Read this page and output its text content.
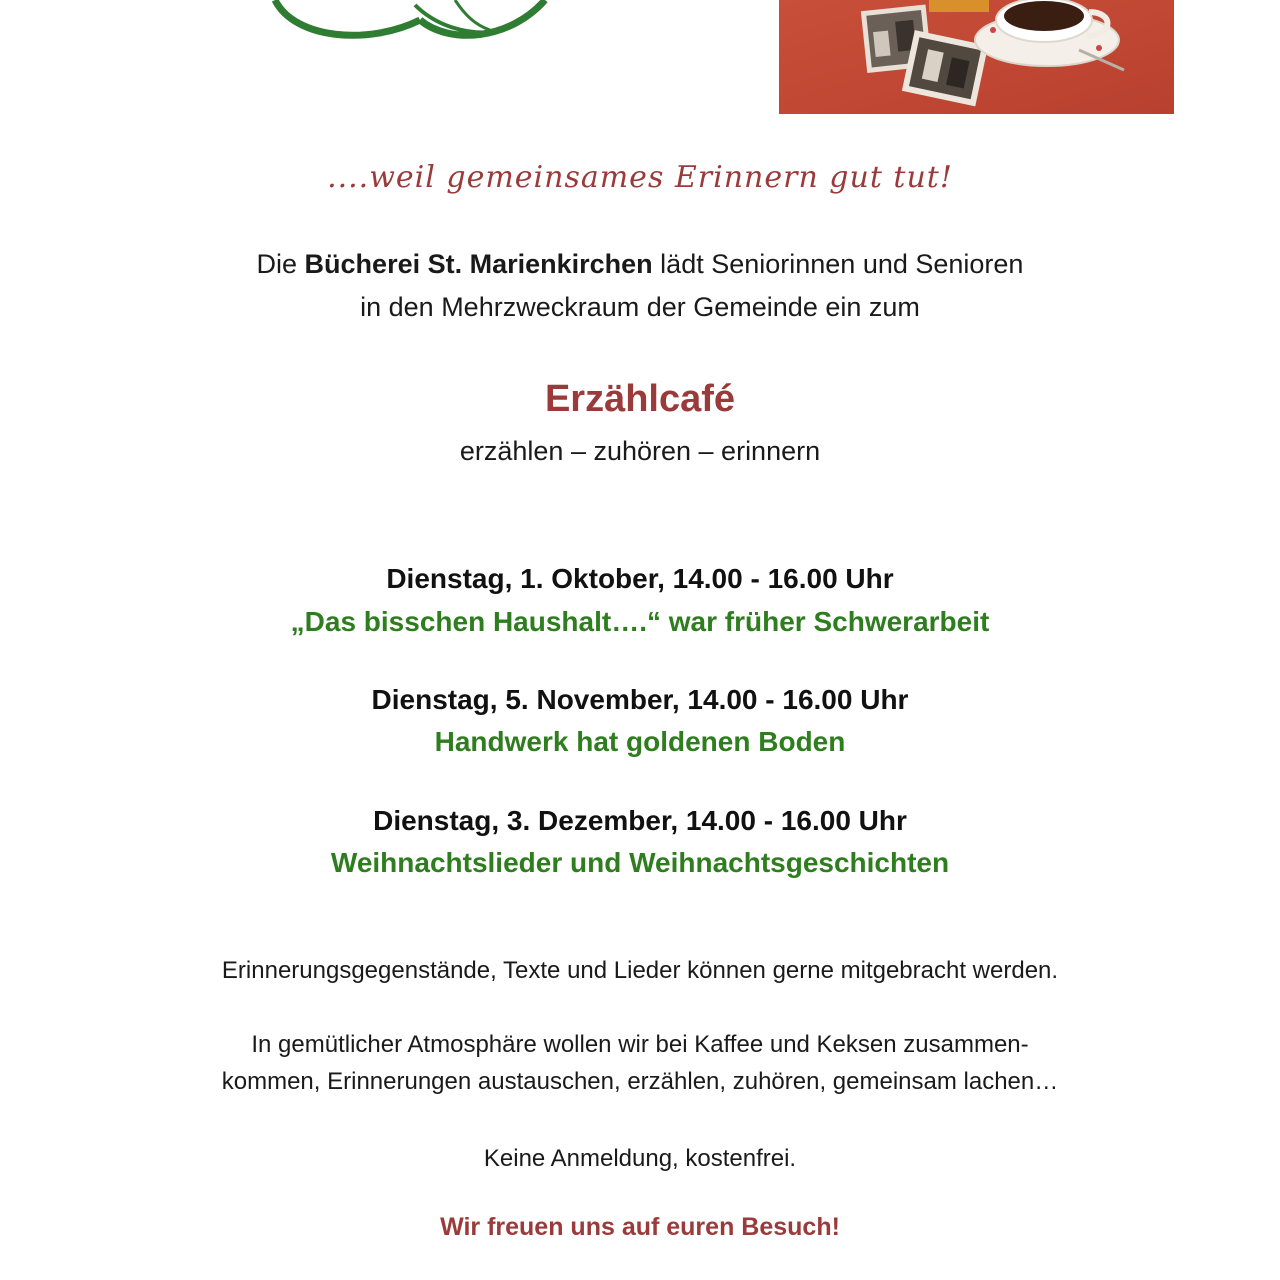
....weil gemeinsames Erinnern gut tut!
Die Bücherei St. Marienkirchen lädt Seniorinnen und Senioren
in den Mehrzweckraum der Gemeinde ein zum
Erzählcafé
erzählen – zuhören – erinnern
Dienstag, 1. Oktober, 14.00 - 16.00 Uhr
„Das bisschen Haushalt….“ war früher Schwerarbeit
Dienstag, 5. November, 14.00 - 16.00 Uhr
Handwerk hat goldenen Boden
Dienstag, 3. Dezember, 14.00 - 16.00 Uhr
Weihnachtslieder und Weihnachtsgeschichten
Erinnerungsgegenstände, Texte und Lieder können gerne mitgebracht werden.
In gemütlicher Atmosphäre wollen wir bei Kaffee und Keksen zusammen-
kommen, Erinnerungen austauschen, erzählen, zuhören, gemeinsam lachen…
Keine Anmeldung, kostenfrei.
Wir freuen uns auf euren Besuch!
